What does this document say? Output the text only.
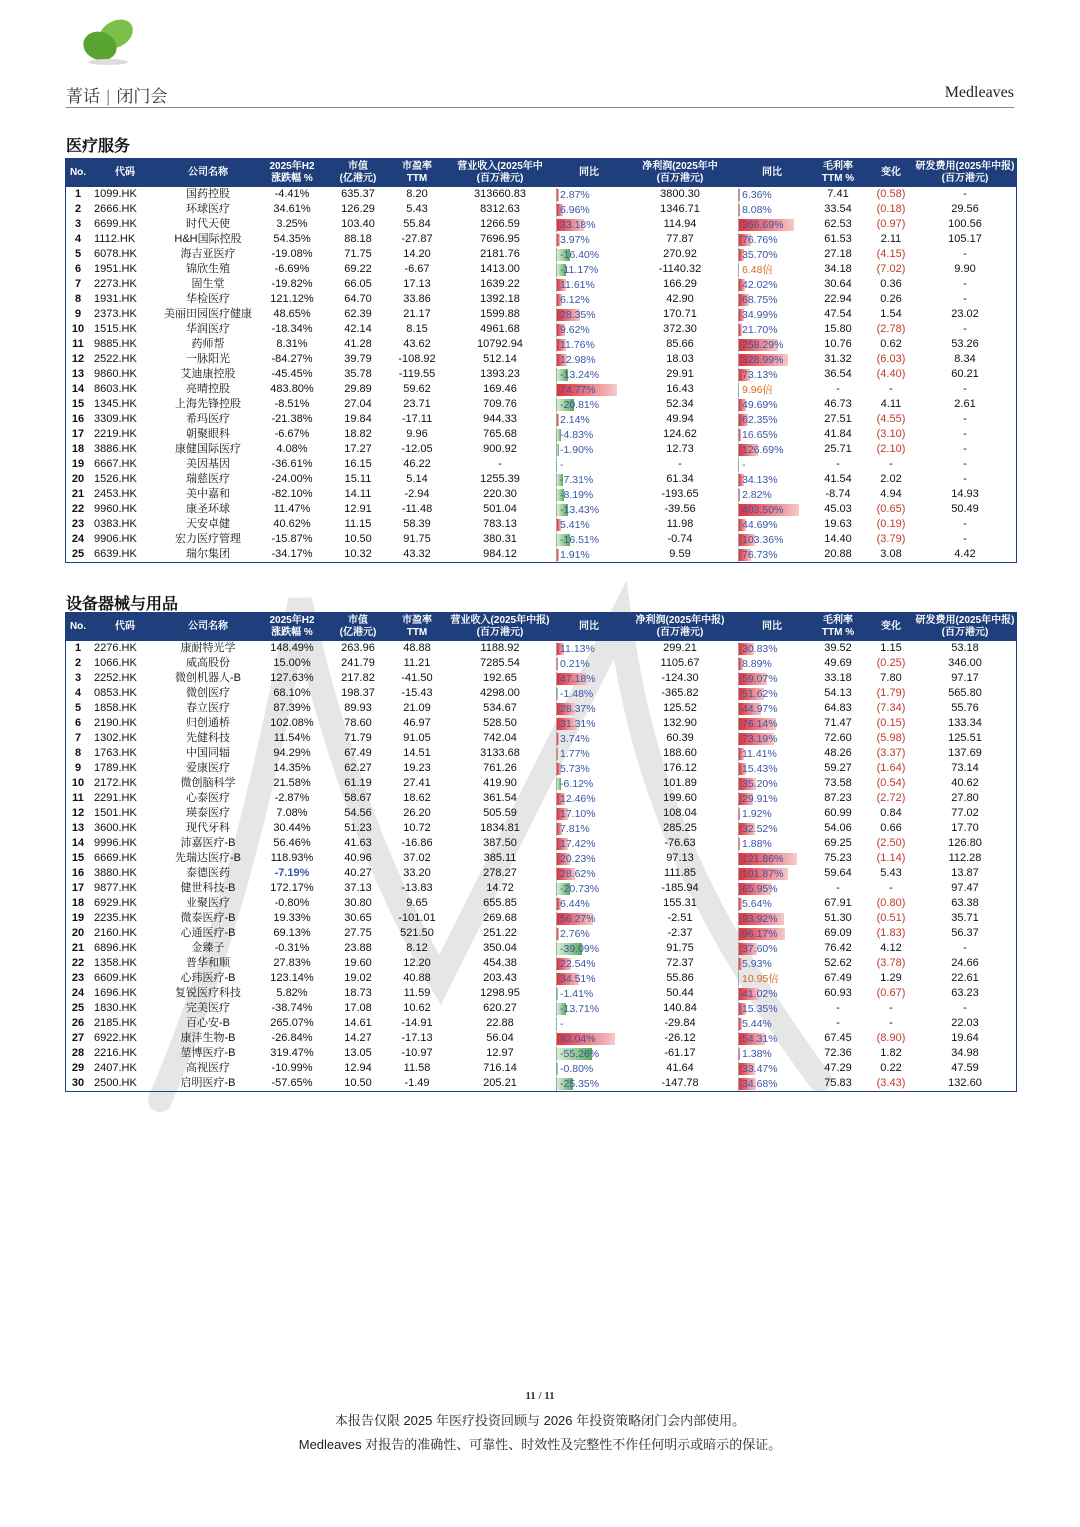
菁话 | 闭门会	Medleaves
医疗服务
No.	代码	公司名称	2025年H2
涨跌幅 %	市值
(亿港元)	市盈率
TTM	营业收入(2025年中
(百万港元)	同比	净利润(2025年中
(百万港元)	同比	毛利率
TTM %	变化	研发费用(2025年中报)
(百万港元)
1	1099.HK	国药控股	-4.41%	635.37	8.20	313660.83	2.87%	3800.30	6.36%	7.41	(0.58)	-
2	2666.HK	环球医疗	34.61%	126.29	5.43	8312.63	6.96%	1346.71	8.08%	33.54	(0.18)	29.56
3	6699.HK	时代天使	3.25%	103.40	55.84	1266.59	33.18%	114.94	366.69%	62.53	(0.97)	100.56
4	1112.HK	H&H国际控股	54.35%	88.18	-27.87	7696.95	3.97%	77.87	76.76%	61.53	2.11	105.17
5	6078.HK	海吉亚医疗	-19.08%	71.75	14.20	2181.76	-16.40%	270.92	35.70%	27.18	(4.15)	-
6	1951.HK	锦欣生殖	-6.69%	69.22	-6.67	1413.00	-11.17%	-1140.32	6.48倍	34.18	(7.02)	9.90
7	2273.HK	固生堂	-19.82%	66.05	17.13	1639.22	11.61%	166.29	42.02%	30.64	0.36	-
8	1931.HK	华检医疗	121.12%	64.70	33.86	1392.18	6.12%	42.90	68.75%	22.94	0.26	-
9	2373.HK	美丽田园医疗健康	48.65%	62.39	21.17	1599.88	28.35%	170.71	34.99%	47.54	1.54	23.02
10	1515.HK	华润医疗	-18.34%	42.14	8.15	4961.68	9.62%	372.30	21.70%	15.80	(2.78)	-
11	9885.HK	药师帮	8.31%	41.28	43.62	10792.94	11.76%	85.66	258.29%	10.76	0.62	53.26
12	2522.HK	一脉阳光	-84.27%	39.79	-108.92	512.14	12.98%	18.03	328.99%	31.32	(6.03)	8.34
13	9860.HK	艾迪康控股	-45.45%	35.78	-119.55	1393.23	-13.24%	29.91	73.13%	36.54	(4.40)	60.21
14	8603.HK	亮晴控股	483.80%	29.89	59.62	169.46	74.77%	16.43	9.96倍	-	-	-
15	1345.HK	上海先锋控股	-8.51%	27.04	23.71	709.76	-20.81%	52.34	49.69%	46.73	4.11	2.61
16	3309.HK	希玛医疗	-21.38%	19.84	-17.11	944.33	2.14%	49.94	62.35%	27.51	(4.55)	-
17	2219.HK	朝聚眼科	-6.67%	18.82	9.96	765.68	-4.83%	124.62	16.65%	41.84	(3.10)	-
18	3886.HK	康健国际医疗	4.08%	17.27	-12.05	900.92	-1.90%	12.73	126.69%	25.71	(2.10)	-
19	6667.HK	美因基因	-36.61%	16.15	46.22	-	-	-	-	-	-	-
20	1526.HK	瑞慈医疗	-24.00%	15.11	5.14	1255.39	-7.31%	61.34	34.13%	41.54	2.02	-
21	2453.HK	美中嘉和	-82.10%	14.11	-2.94	220.30	-8.19%	-193.65	2.82%	-8.74	4.94	14.93
22	9960.HK	康圣环球	11.47%	12.91	-11.48	501.04	-13.43%	-39.56	403.50%	45.03	(0.65)	50.49
23	0383.HK	天安卓健	40.62%	11.15	58.39	783.13	5.41%	11.98	44.69%	19.63	(0.19)	-
24	9906.HK	宏力医疗管理	-15.87%	10.50	91.75	380.31	-16.51%	-0.74	103.36%	14.40	(3.79)	-
25	6639.HK	瑞尔集团	-34.17%	10.32	43.32	984.12	1.91%	9.59	76.73%	20.88	3.08	4.42
设备器械与用品
No.	代码	公司名称	2025年H2
涨跌幅 %	市值
(亿港元)	市盈率
TTM	营业收入(2025年中报)
(百万港元)	同比	净利润(2025年中报)
(百万港元)	同比	毛利率
TTM %	变化	研发费用(2025年中报)
(百万港元)
1	2276.HK	康耐特光学	148.49%	263.96	48.88	1188.92	11.13%	299.21	30.83%	39.52	1.15	53.18
2	1066.HK	威高股份	15.00%	241.79	11.21	7285.54	0.21%	1105.67	8.89%	49.69	(0.25)	346.00
3	2252.HK	微创机器人-B	127.63%	217.82	-41.50	192.65	47.18%	-124.30	59.07%	33.18	7.80	97.17
4	0853.HK	微创医疗	68.10%	198.37	-15.43	4298.00	-1.48%	-365.82	51.62%	54.13	(1.79)	565.80
5	1858.HK	春立医疗	87.39%	89.93	21.09	534.67	28.37%	125.52	44.97%	64.83	(7.34)	55.76
6	2190.HK	归创通桥	102.08%	78.60	46.97	528.50	31.31%	132.90	76.14%	71.47	(0.15)	133.34
7	1302.HK	先健科技	11.54%	71.79	91.05	742.04	3.74%	60.39	73.19%	72.60	(5.98)	125.51
8	1763.HK	中国同辐	94.29%	67.49	14.51	3133.68	1.77%	188.60	11.41%	48.26	(3.37)	137.69
9	1789.HK	爱康医疗	14.35%	62.27	19.23	761.26	5.73%	176.12	15.43%	59.27	(1.64)	73.14
10	2172.HK	微创脑科学	21.58%	61.19	27.41	419.90	-6.12%	101.89	35.20%	73.58	(0.54)	40.62
11	2291.HK	心泰医疗	-2.87%	58.67	18.62	361.54	12.46%	199.60	29.91%	87.23	(2.72)	27.80
12	1501.HK	瑛泰医疗	7.08%	54.56	26.20	505.59	17.10%	108.04	1.92%	60.99	0.84	77.02
13	3600.HK	现代牙科	30.44%	51.23	10.72	1834.81	7.81%	285.25	32.52%	54.06	0.66	17.70
14	9996.HK	沛嘉医疗-B	56.46%	41.63	-16.86	387.50	17.42%	-76.63	1.88%	69.25	(2.50)	126.80
15	6669.HK	先瑞达医疗-B	118.93%	40.96	37.02	385.11	20.23%	97.13	121.86%	75.23	(1.14)	112.28
16	3880.HK	泰德医药	-7.19%	40.27	33.20	278.27	28.62%	111.85	101.87%	59.64	5.43	13.87
17	9877.HK	健世科技-B	172.17%	37.13	-13.83	14.72	-20.73%	-185.94	65.95%	-	-	97.47
18	6929.HK	业聚医疗	-0.80%	30.80	9.65	655.85	6.44%	155.31	5.64%	67.91	(0.80)	63.38
19	2235.HK	微泰医疗-B	19.33%	30.65	-101.01	269.68	56.27%	-2.51	93.92%	51.30	(0.51)	35.71
20	2160.HK	心通医疗-B	69.13%	27.75	521.50	251.22	2.76%	-2.37	96.17%	69.09	(1.83)	56.37
21	6896.HK	金臻子	-0.31%	23.88	8.12	350.04	-39.09%	91.75	37.60%	76.42	4.12	-
22	1358.HK	普华和顺	27.83%	19.60	12.20	454.38	22.54%	72.37	5.93%	52.62	(3.78)	24.66
23	6609.HK	心玮医疗-B	123.14%	19.02	40.88	203.43	34.51%	55.86	10.95倍	67.49	1.29	22.61
24	1696.HK	复锐医疗科技	5.82%	18.73	11.59	1298.95	-1.41%	50.44	41.02%	60.93	(0.67)	63.23
25	1830.HK	完美医疗	-38.74%	17.08	10.62	620.27	-13.71%	140.84	15.35%	-	-	-
26	2185.HK	百心安-B	265.07%	14.61	-14.91	22.88	-	-29.84	5.44%	-	-	22.03
27	6922.HK	康沣生物-B	-26.84%	14.27	-17.13	56.04	92.04%	-26.12	54.31%	67.45	(8.90)	19.64
28	2216.HK	堃博医疗-B	319.47%	13.05	-10.97	12.97	-55.26%	-61.17	1.38%	72.36	1.82	34.98
29	2407.HK	高视医疗	-10.99%	12.94	11.58	716.14	-0.80%	41.64	33.47%	47.29	0.22	47.59
30	2500.HK	启明医疗-B	-57.65%	10.50	-1.49	205.21	-25.35%	-147.78	34.68%	75.83	(3.43)	132.60
11 / 11
本报告仅限 2025 年医疗投资回顾与 2026 年投资策略闭门会内部使用。
Medleaves 对报告的准确性、可靠性、时效性及完整性不作任何明示或暗示的保证。
